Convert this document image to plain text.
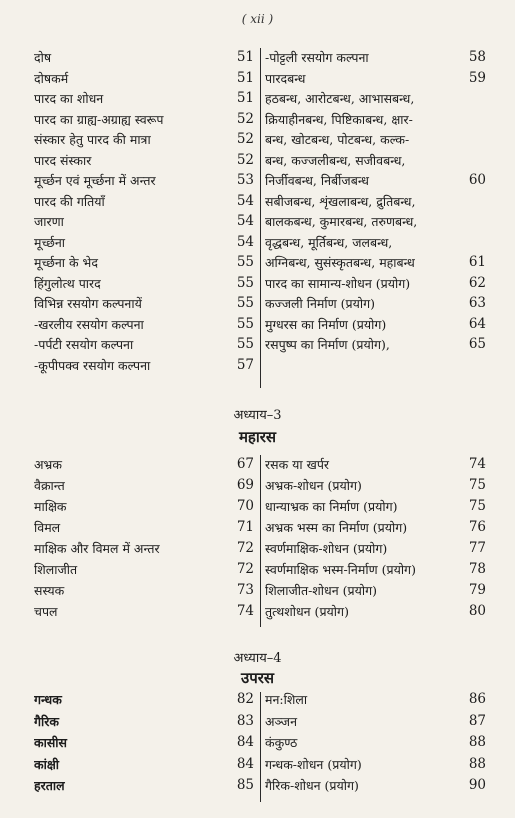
( xii )
दोष	51
दोषकर्म	51
पारद का शोधन	51
पारद का ग्राह्य-अग्राह्य स्वरूप	52
संस्कार हेतु पारद की मात्रा	52
पारद संस्कार	52
मूर्च्छन एवं मूर्च्छना में अन्तर	53
पारद की गतियाँ	54
जारणा	54
मूर्च्छना	54
मूर्च्छना के भेद	55
हिंगुलोत्थ पारद	55
विभिन्न रसयोग कल्पनायें	55
-खरलीय रसयोग कल्पना	55
-पर्पटी रसयोग कल्पना	55
-कूपीपक्व रसयोग कल्पना	57
-पोट्टली रसयोग कल्पना	58
पारदबन्ध	59
हठबन्ध, आरोटबन्ध, आभासबन्ध,
क्रियाहीनबन्ध, पिष्टिकाबन्ध, क्षार-
बन्ध, खोटबन्ध, पोटबन्ध, कल्क-
बन्ध, कज्जलीबन्ध, सजीवबन्ध,
निर्जीवबन्ध, निर्बीजबन्ध	60
सबीजबन्ध, शृंखलाबन्ध, द्रुतिबन्ध,
बालकबन्ध, कुमारबन्ध, तरुणबन्ध,
वृद्धबन्ध, मूर्तिबन्ध, जलबन्ध,
अग्निबन्ध, सुसंस्कृतबन्ध, महाबन्ध	61
पारद का सामान्य-शोधन (प्रयोग)	62
कज्जली निर्माण (प्रयोग)	63
मुग्धरस का निर्माण (प्रयोग)	64
रसपुष्प का निर्माण (प्रयोग),	65
अध्याय–3
महारस
अभ्रक	67
वैक्रान्त	69
माक्षिक	70
विमल	71
माक्षिक और विमल में अन्तर	72
शिलाजीत	72
सस्यक	73
चपल	74
रसक या खर्पर	74
अभ्रक-शोधन (प्रयोग)	75
धान्याभ्रक का निर्माण (प्रयोग)	75
अभ्रक भस्म का निर्माण (प्रयोग)	76
स्वर्णमाक्षिक-शोधन (प्रयोग)	77
स्वर्णमाक्षिक भस्म-निर्माण (प्रयोग)	78
शिलाजीत-शोधन (प्रयोग)	79
तुत्थशोधन (प्रयोग)	80
अध्याय–4
उपरस
गन्धक	82
गैरिक	83
कासीस	84
कांक्षी	84
हरताल	85
मन:शिला	86
अञ्जन	87
कंकुण्ठ	88
गन्धक-शोधन (प्रयोग)	88
गैरिक-शोधन (प्रयोग)	90
